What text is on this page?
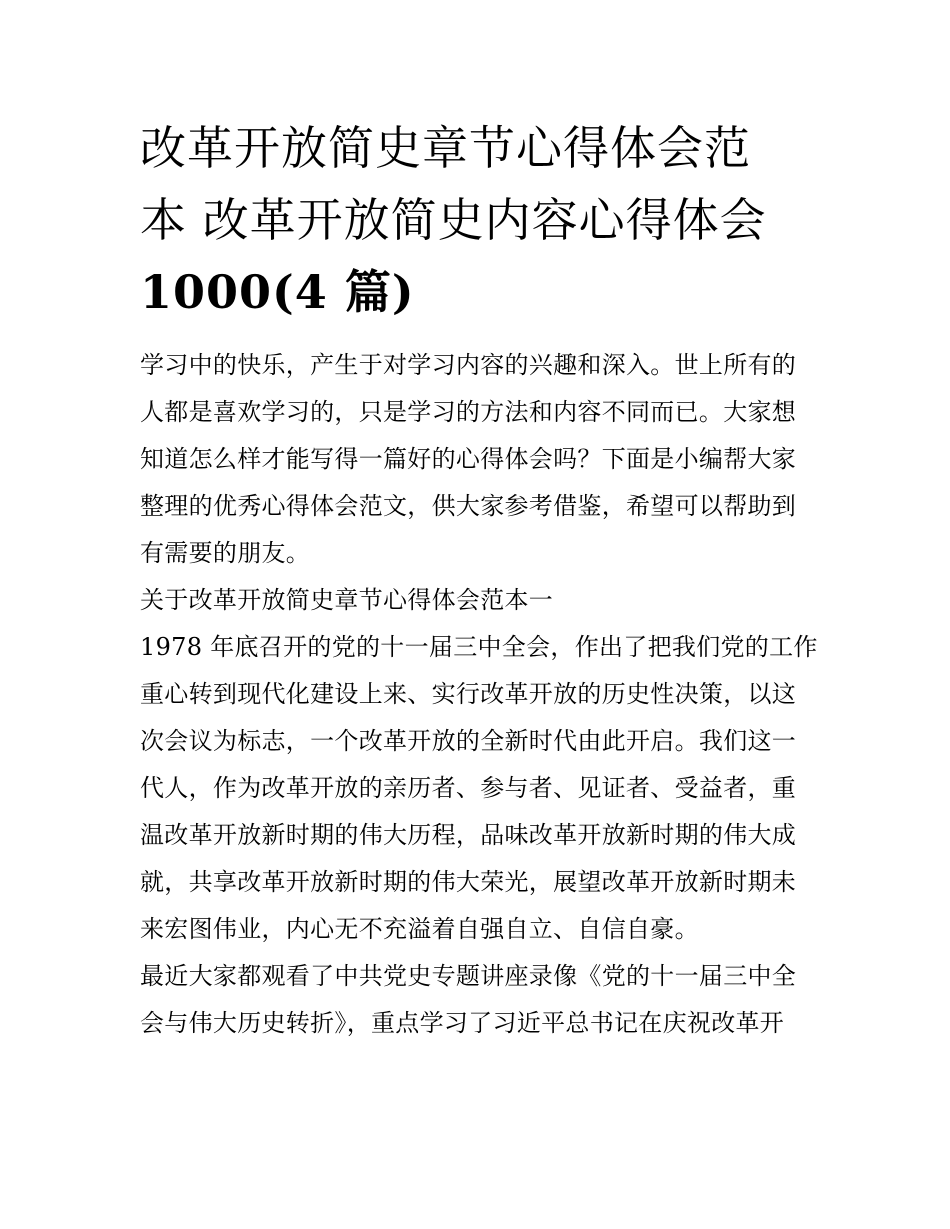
改革开放简史章节心得体会范
本 改革开放简史内容心得体会
1000(4 篇)

学习中的快乐，产生于对学习内容的兴趣和深入。世上所有的
人都是喜欢学习的，只是学习的方法和内容不同而已。大家想
知道怎么样才能写得一篇好的心得体会吗？下面是小编帮大家
整理的优秀心得体会范文，供大家参考借鉴，希望可以帮助到
有需要的朋友。

关于改革开放简史章节心得体会范本一

1978 年底召开的党的十一届三中全会，作出了把我们党的工作
重心转到现代化建设上来、实行改革开放的历史性决策，以这
次会议为标志，一个改革开放的全新时代由此开启。我们这一
代人，作为改革开放的亲历者、参与者、见证者、受益者，重
温改革开放新时期的伟大历程，品味改革开放新时期的伟大成
就，共享改革开放新时期的伟大荣光，展望改革开放新时期未
来宏图伟业，内心无不充溢着自强自立、自信自豪。

最近大家都观看了中共党史专题讲座录像《党的十一届三中全
会与伟大历史转折》，重点学习了习近平总书记在庆祝改革开
